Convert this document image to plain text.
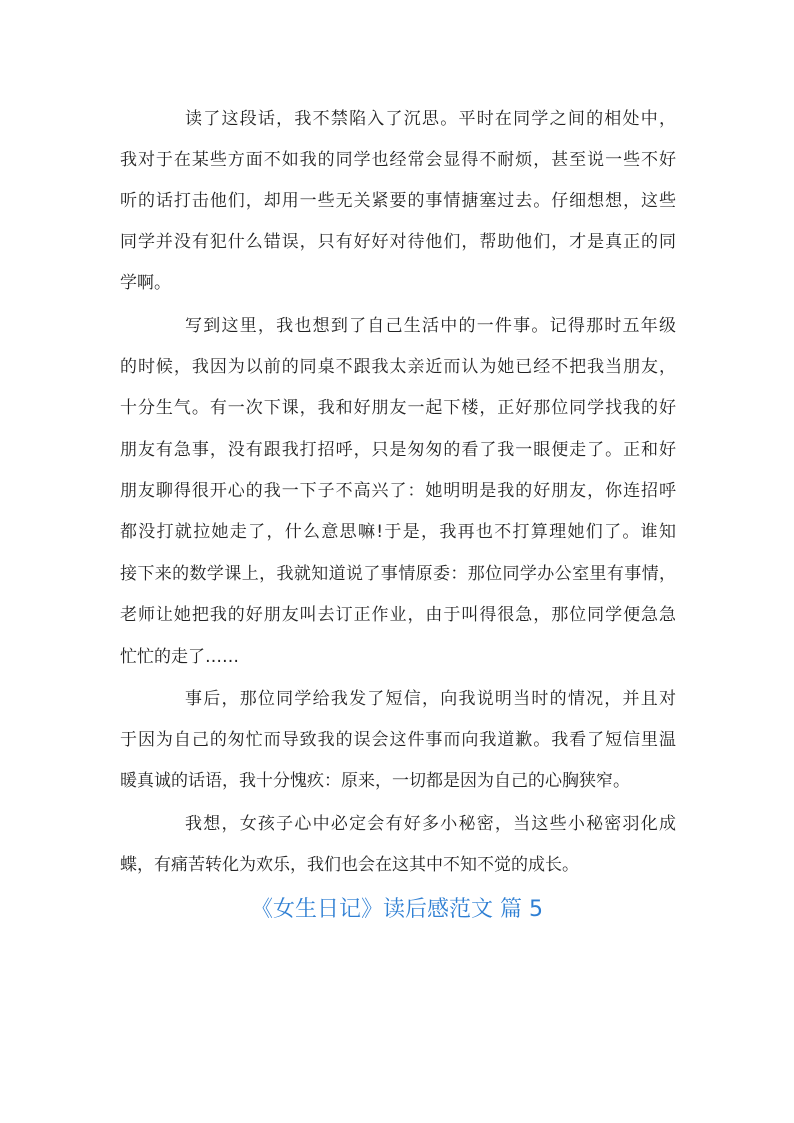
读了这段话，我不禁陷入了沉思。平时在同学之间的相处中，
我对于在某些方面不如我的同学也经常会显得不耐烦，甚至说一些不好
听的话打击他们，却用一些无关紧要的事情搪塞过去。仔细想想，这些
同学并没有犯什么错误，只有好好对待他们，帮助他们，才是真正的同
学啊。
写到这里，我也想到了自己生活中的一件事。记得那时五年级
的时候，我因为以前的同桌不跟我太亲近而认为她已经不把我当朋友，
十分生气。有一次下课，我和好朋友一起下楼，正好那位同学找我的好
朋友有急事，没有跟我打招呼，只是匆匆的看了我一眼便走了。正和好
朋友聊得很开心的我一下子不高兴了：她明明是我的好朋友，你连招呼
都没打就拉她走了，什么意思嘛!于是，我再也不打算理她们了。谁知
接下来的数学课上，我就知道说了事情原委：那位同学办公室里有事情，
老师让她把我的好朋友叫去订正作业，由于叫得很急，那位同学便急急
忙忙的走了……
事后，那位同学给我发了短信，向我说明当时的情况，并且对
于因为自己的匆忙而导致我的误会这件事而向我道歉。我看了短信里温
暖真诚的话语，我十分愧疚：原来，一切都是因为自己的心胸狭窄。
我想，女孩子心中必定会有好多小秘密，当这些小秘密羽化成
蝶，有痛苦转化为欢乐，我们也会在这其中不知不觉的成长。
《女生日记》读后感范文 篇 5
